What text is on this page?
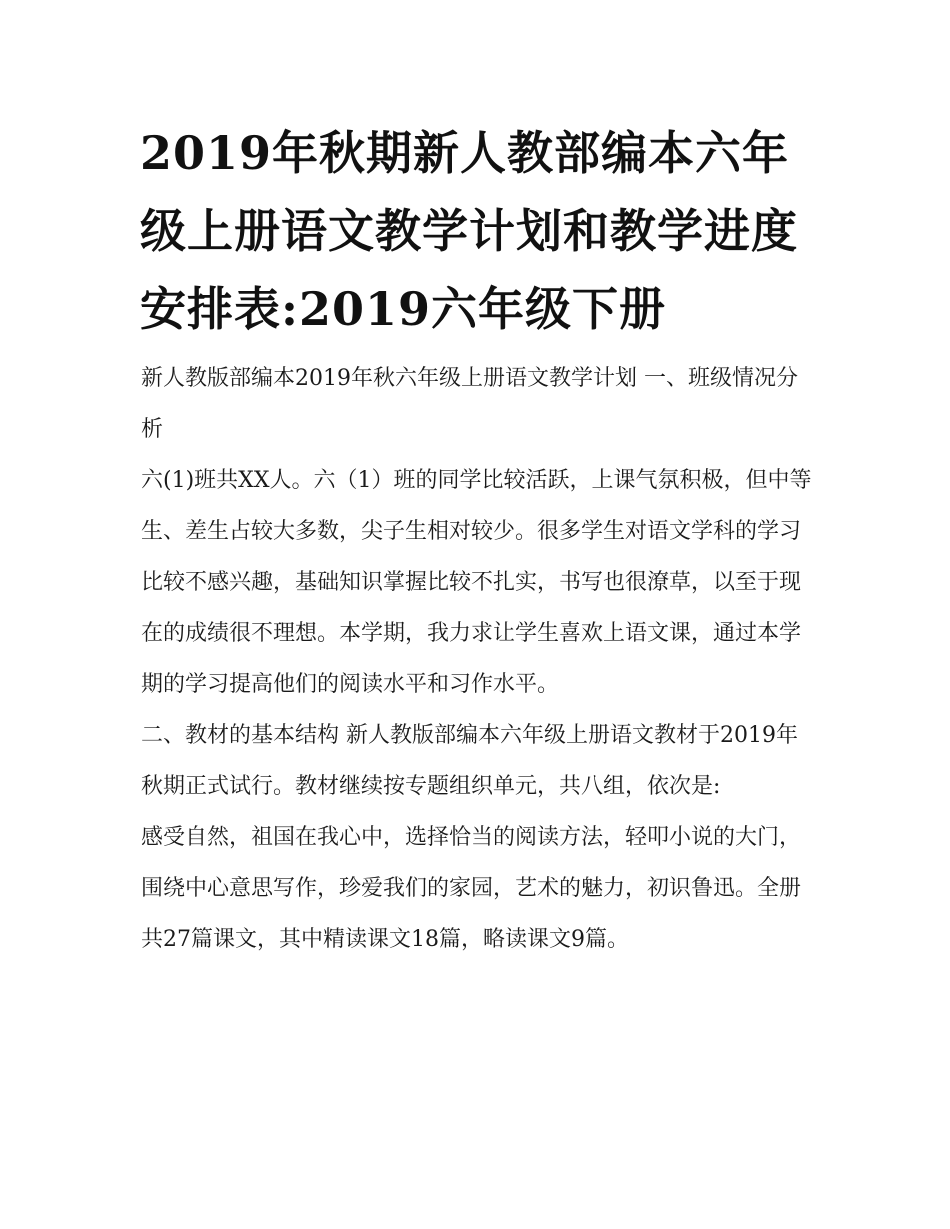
2019年秋期新人教部编本六年级上册语文教学计划和教学进度安排表:2019六年级下册

新人教版部编本2019年秋六年级上册语文教学计划 一、班级情况分析

六(1)班共XX人。六（1）班的同学比较活跃，上课气氛积极，但中等生、差生占较大多数，尖子生相对较少。很多学生对语文学科的学习比较不感兴趣，基础知识掌握比较不扎实，书写也很潦草，以至于现在的成绩很不理想。本学期，我力求让学生喜欢上语文课，通过本学期的学习提高他们的阅读水平和习作水平。

二、教材的基本结构 新人教版部编本六年级上册语文教材于2019年秋期正式试行。教材继续按专题组织单元，共八组，依次是:

感受自然，祖国在我心中，选择恰当的阅读方法，轻叩小说的大门，围绕中心意思写作，珍爱我们的家园，艺术的魅力，初识鲁迅。全册共27篇课文，其中精读课文18篇，略读课文9篇。
